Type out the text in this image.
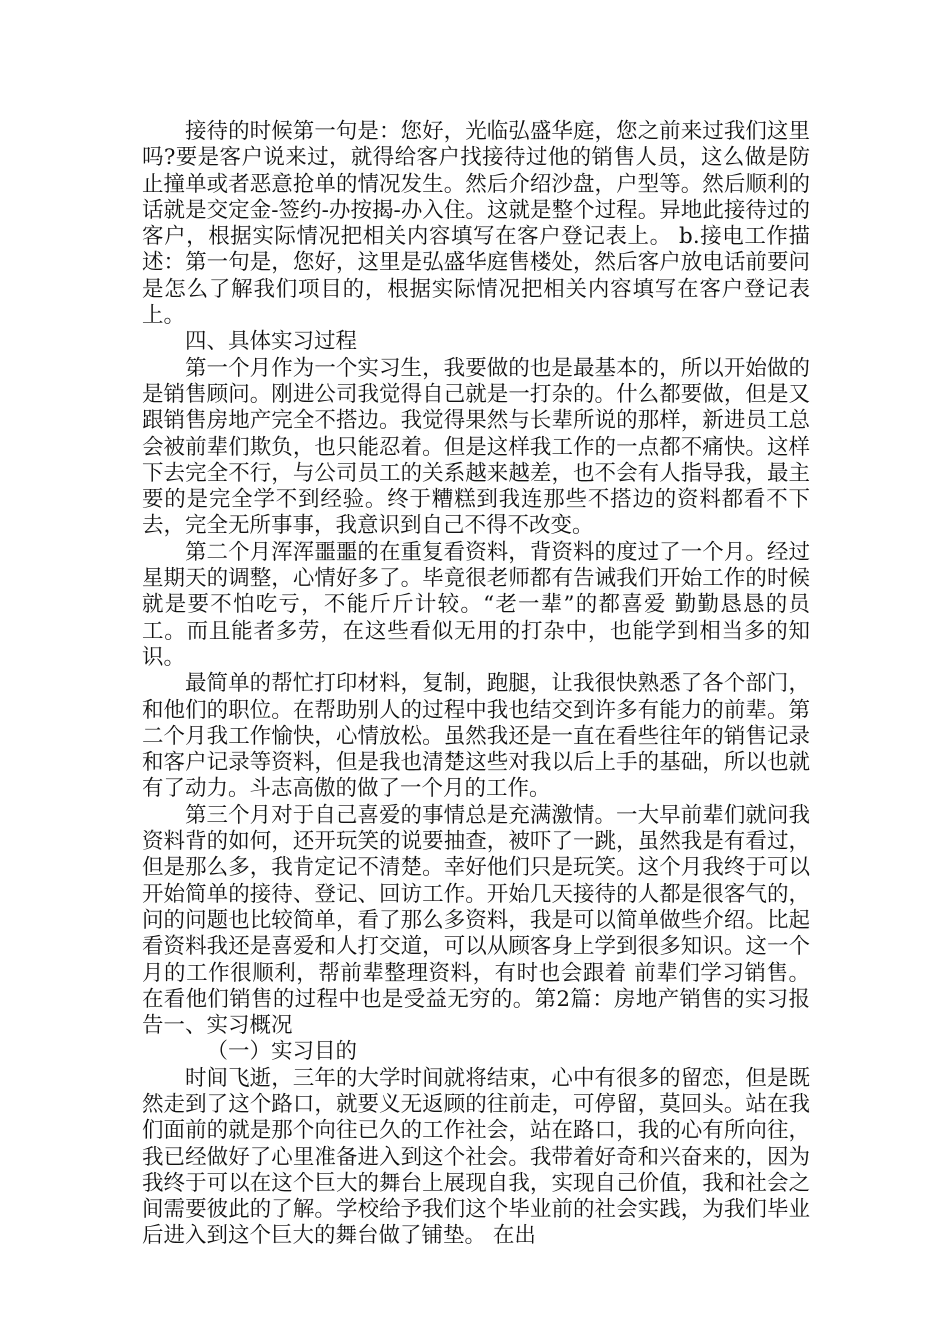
接待的时候第一句是：您好，光临弘盛华庭，您之前来过我们这里吗?要是客户说来过，就得给客户找接待过他的销售人员，这么做是防止撞单或者恶意抢单的情况发生。然后介绍沙盘，户型等。然后顺利的话就是交定金-签约-办按揭-办入住。这就是整个过程。异地此接待过的客户，根据实际情况把相关内容填写在客户登记表上。 b.接电工作描述：第一句是，您好，这里是弘盛华庭售楼处，然后客户放电话前要问是怎么了解我们项目的，根据实际情况把相关内容填写在客户登记表上。

四、具体实习过程

第一个月作为一个实习生，我要做的也是最基本的，所以开始做的是销售顾问。刚进公司我觉得自己就是一打杂的。什么都要做，但是又跟销售房地产完全不搭边。我觉得果然与长辈所说的那样，新进员工总会被前辈们欺负，也只能忍着。但是这样我工作的一点都不痛快。这样下去完全不行，与公司员工的关系越来越差，也不会有人指导我，最主要的是完全学不到经验。终于糟糕到我连那些不搭边的资料都看不下去，完全无所事事，我意识到自己不得不改变。

第二个月浑浑噩噩的在重复看资料，背资料的度过了一个月。经过星期天的调整，心情好多了。毕竟很老师都有告诫我们开始工作的时候就是要不怕吃亏，不能斤斤计较。“老一辈”的都喜爱 勤勤恳恳的员工。而且能者多劳，在这些看似无用的打杂中，也能学到相当多的知识。

最简单的帮忙打印材料，复制，跑腿，让我很快熟悉了各个部门，和他们的职位。在帮助别人的过程中我也结交到许多有能力的前辈。第二个月我工作愉快，心情放松。虽然我还是一直在看些往年的销售记录和客户记录等资料，但是我也清楚这些对我以后上手的基础，所以也就有了动力。斗志高傲的做了一个月的工作。

第三个月对于自己喜爱的事情总是充满激情。一大早前辈们就问我资料背的如何，还开玩笑的说要抽查，被吓了一跳，虽然我是有看过，但是那么多，我肯定记不清楚。幸好他们只是玩笑。这个月我终于可以开始简单的接待、登记、回访工作。开始几天接待的人都是很客气的，问的问题也比较简单，看了那么多资料，我是可以简单做些介绍。比起看资料我还是喜爱和人打交道，可以从顾客身上学到很多知识。这一个月的工作很顺利，帮前辈整理资料，有时也会跟着 前辈们学习销售。在看他们销售的过程中也是受益无穷的。第2篇：房地产销售的实习报告一、实习概况

（一）实习目的

时间飞逝，三年的大学时间就将结束，心中有很多的留恋，但是既然走到了这个路口，就要义无返顾的往前走，可停留，莫回头。站在我们面前的就是那个向往已久的工作社会，站在路口，我的心有所向往，我已经做好了心里准备进入到这个社会。我带着好奇和兴奋来的，因为我终于可以在这个巨大的舞台上展现自我，实现自己价值，我和社会之间需要彼此的了解。学校给予我们这个毕业前的社会实践，为我们毕业后进入到这个巨大的舞台做了铺垫。 在出
